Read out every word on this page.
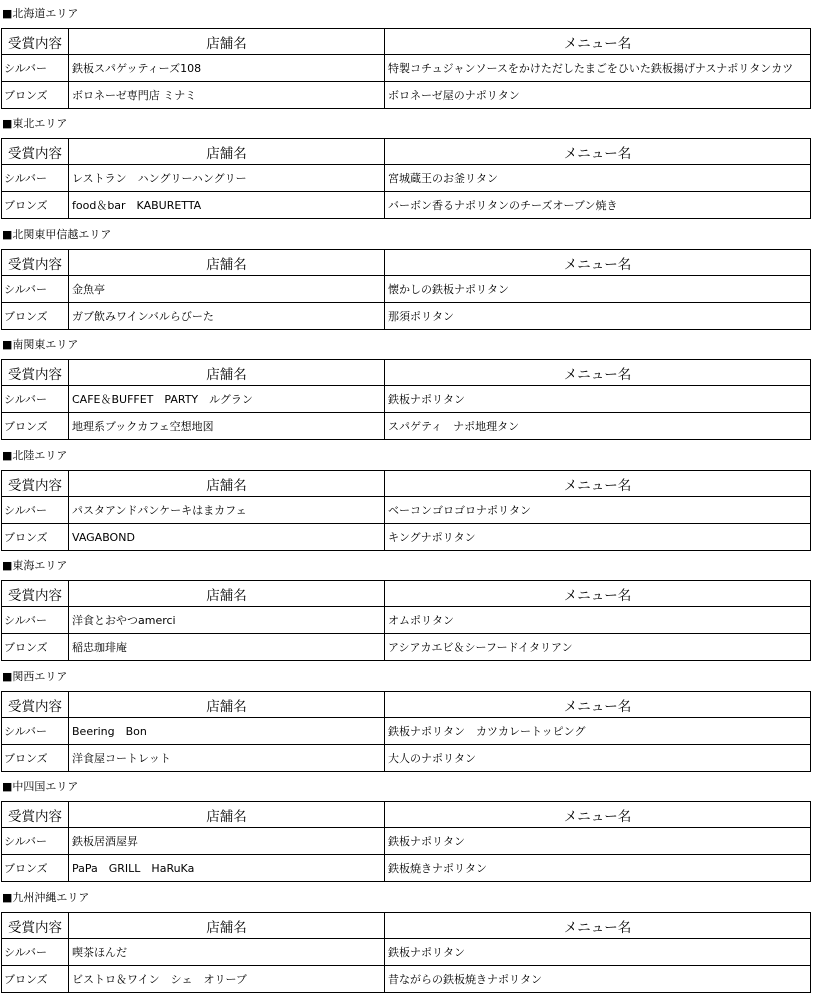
■北海道エリア
受賞内容	店舗名	メニュー名
シルバー	鉄板スパゲッティーズ108	特製コチュジャンソースをかけただしたまごをひいた鉄板揚げナスナポリタンカツ
ブロンズ	ボロネーゼ専門店 ミナミ	ボロネーゼ屋のナポリタン
■東北エリア
受賞内容	店舗名	メニュー名
シルバー	レストラン　ハングリーハングリー	宮城蔵王のお釜リタン
ブロンズ	food＆bar　KABURETTA	バーボン香るナポリタンのチーズオーブン焼き
■北関東甲信越エリア
受賞内容	店舗名	メニュー名
シルバー	金魚亭	懐かしの鉄板ナポリタン
ブロンズ	ガブ飲みワインバルらびーた	那須ポリタン
■南関東エリア
受賞内容	店舗名	メニュー名
シルバー	CAFE＆BUFFET　PARTY　ルグラン	鉄板ナポリタン
ブロンズ	地理系ブックカフェ空想地図	スパゲティ　ナポ地理タン
■北陸エリア
受賞内容	店舗名	メニュー名
シルバー	パスタアンドパンケーキはまカフェ	ベーコンゴロゴロナポリタン
ブロンズ	VAGABOND	キングナポリタン
■東海エリア
受賞内容	店舗名	メニュー名
シルバー	洋食とおやつamerci	オムポリタン
ブロンズ	稲忠珈琲庵	アシアカエビ＆シーフードイタリアン
■関西エリア
受賞内容	店舗名	メニュー名
シルバー	Beering　Bon	鉄板ナポリタン　カツカレートッピング
ブロンズ	洋食屋コートレット	大人のナポリタン
■中四国エリア
受賞内容	店舗名	メニュー名
シルバー	鉄板居酒屋昇	鉄板ナポリタン
ブロンズ	PaPa　GRILL　HaRuKa	鉄板焼きナポリタン
■九州沖縄エリア
受賞内容	店舗名	メニュー名
シルバー	喫茶ほんだ	鉄板ナポリタン
ブロンズ	ビストロ＆ワイン　シェ　オリーブ	昔ながらの鉄板焼きナポリタン
